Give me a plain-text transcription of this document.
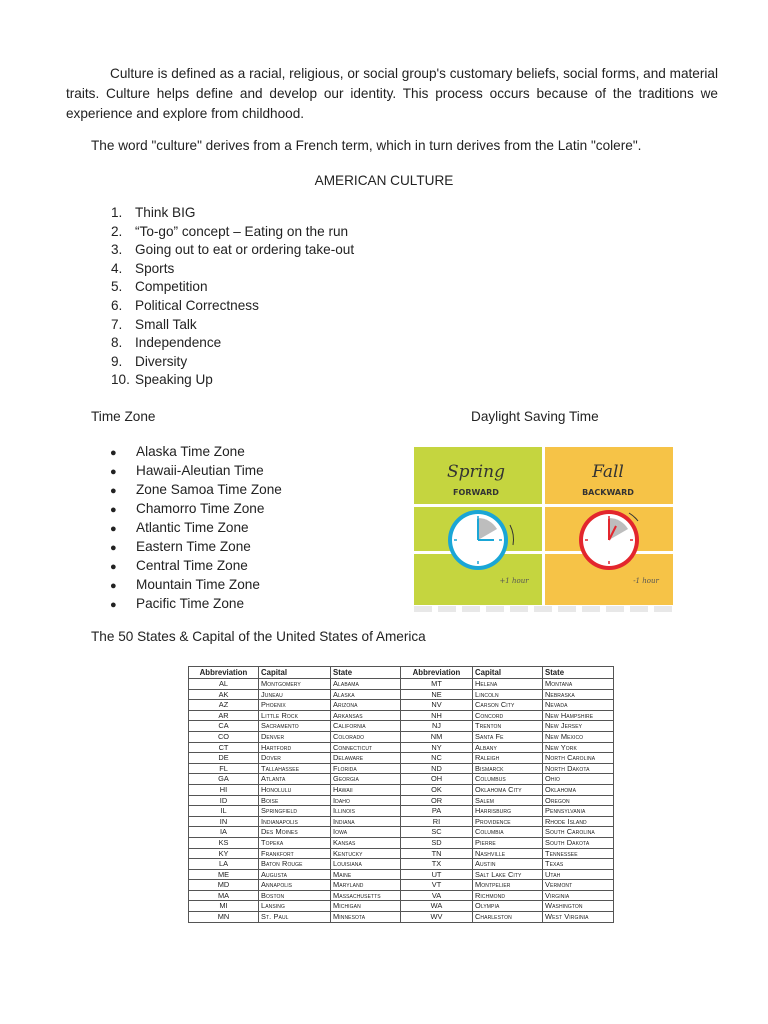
Culture is defined as a racial, religious, or social group's customary beliefs, social forms, and material traits. Culture helps define and develop our identity. This process occurs because of the traditions we experience and explore from childhood.
The word "culture" derives from a French term, which in turn derives from the Latin "colere".
AMERICAN CULTURE
1. Think BIG
2. “To-go” concept – Eating on the run
3. Going out to eat or ordering take-out
4. Sports
5. Competition
6. Political Correctness
7. Small Talk
8. Independence
9. Diversity
10. Speaking Up
Time Zone	Daylight Saving Time
● Alaska Time Zone
● Hawaii-Aleutian Time
● Zone Samoa Time Zone
● Chamorro Time Zone
● Atlantic Time Zone
● Eastern Time Zone
● Central Time Zone
● Mountain Time Zone
● Pacific Time Zone
Spring
FORWARD
+1 hour
Fall
BACKWARD
-1 hour
The 50 States & Capital of the United States of America
Abbreviation	Capital	State	Abbreviation	Capital	State
AL	Montgomery	Alabama	MT	Helena	Montana
AK	Juneau	Alaska	NE	Lincoln	Nebraska
AZ	Phoenix	Arizona	NV	Carson City	Nevada
AR	Little Rock	Arkansas	NH	Concord	New Hampshire
CA	Sacramento	California	NJ	Trenton	New Jersey
CO	Denver	Colorado	NM	Santa Fe	New Mexico
CT	Hartford	Connecticut	NY	Albany	New York
DE	Dover	Delaware	NC	Raleigh	North Carolina
FL	Tallahassee	Florida	ND	Bismarck	North Dakota
GA	Atlanta	Georgia	OH	Columbus	Ohio
HI	Honolulu	Hawaii	OK	Oklahoma City	Oklahoma
ID	Boise	Idaho	OR	Salem	Oregon
IL	Springfield	Illinois	PA	Harrisburg	Pennsylvania
IN	Indianapolis	Indiana	RI	Providence	Rhode Island
IA	Des Moines	Iowa	SC	Columbia	South Carolina
KS	Topeka	Kansas	SD	Pierre	South Dakota
KY	Frankfort	Kentucky	TN	Nashville	Tennessee
LA	Baton Rouge	Louisiana	TX	Austin	Texas
ME	Augusta	Maine	UT	Salt Lake City	Utah
MD	Annapolis	Maryland	VT	Montpelier	Vermont
MA	Boston	Massachusetts	VA	Richmond	Virginia
MI	Lansing	Michigan	WA	Olympia	Washington
MN	St. Paul	Minnesota	WV	Charleston	West Virginia
